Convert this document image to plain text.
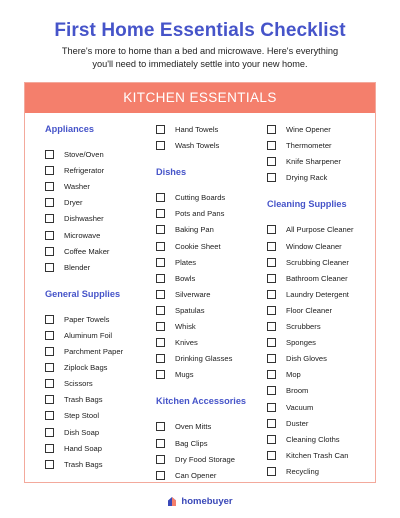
First Home Essentials Checklist
There's more to home than a bed and microwave. Here's everything
you'll need to immediately settle into your new home.
KITCHEN ESSENTIALS
Appliances
Stove/Oven
Refrigerator
Washer
Dryer
Dishwasher
Microwave
Coffee Maker
Blender
General Supplies
Paper Towels
Aluminum Foil
Parchment Paper
Ziplock Bags
Scissors
Trash Bags
Step Stool
Dish Soap
Hand Soap
Trash Bags
Hand Towels
Wash Towels
Dishes
Cutting Boards
Pots and Pans
Baking Pan
Cookie Sheet
Plates
Bowls
Silverware
Spatulas
Whisk
Knives
Drinking Glasses
Mugs
Kitchen Accessories
Oven Mitts
Bag Clips
Dry Food Storage
Can Opener
Wine Opener
Thermometer
Knife Sharpener
Drying Rack
Cleaning Supplies
All Purpose Cleaner
Window Cleaner
Scrubbing Cleaner
Bathroom Cleaner
Laundry Detergent
Floor Cleaner
Scrubbers
Sponges
Dish Gloves
Mop
Broom
Vacuum
Duster
Cleaning Cloths
Kitchen Trash Can
Recycling
homebuyer
